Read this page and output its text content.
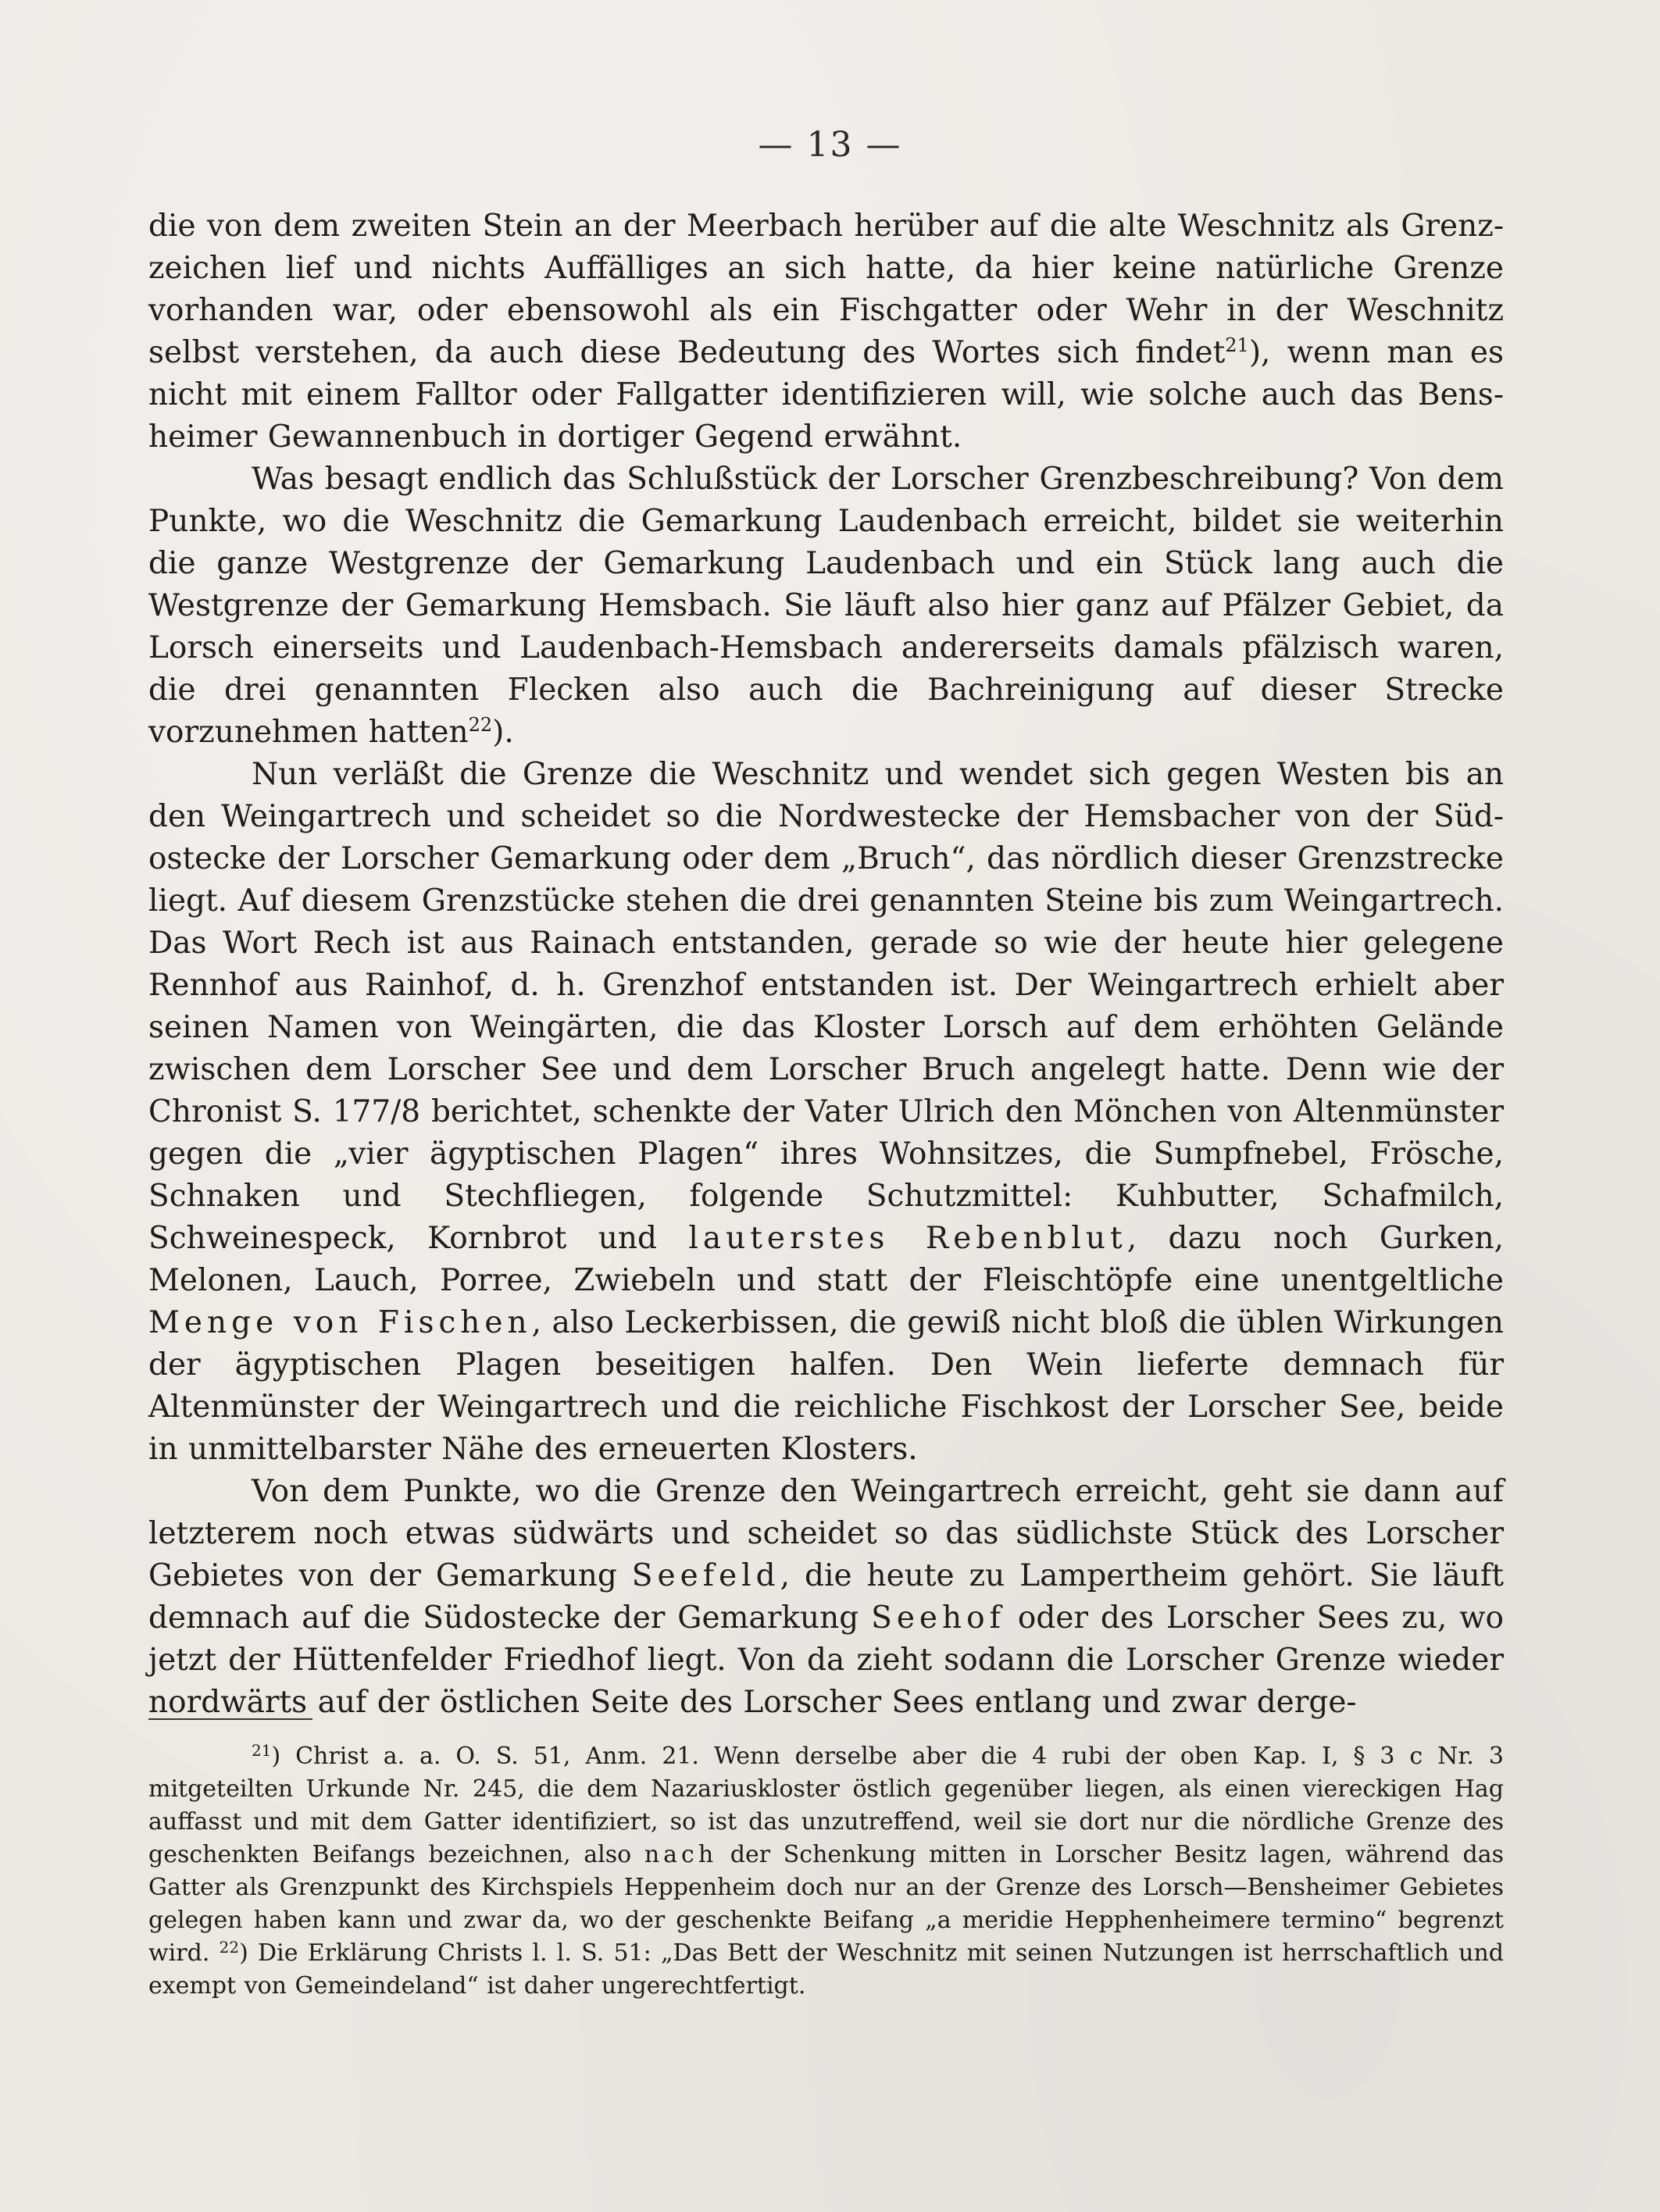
— 13 —

die von dem zweiten Stein an der Meerbach herüber auf die alte Weschnitz als Grenzzeichen lief und nichts Auffälliges an sich hatte, da hier keine natürliche Grenze vorhanden war, oder ebensowohl als ein Fischgatter oder Wehr in der Weschnitz selbst verstehen, da auch diese Bedeutung des Wortes sich findet$^{21}$), wenn man es nicht mit einem Falltor oder Fallgatter identifizieren will, wie solche auch das Bensheimer Gewannenbuch in dortiger Gegend erwähnt.

Was besagt endlich das Schlußstück der Lorscher Grenzbeschreibung? Von dem Punkte, wo die Weschnitz die Gemarkung Laudenbach erreicht, bildet sie weiterhin die ganze Westgrenze der Gemarkung Laudenbach und ein Stück lang auch die Westgrenze der Gemarkung Hemsbach. Sie läuft also hier ganz auf Pfälzer Gebiet, da Lorsch einerseits und Laudenbach-Hemsbach andererseits damals pfälzisch waren, die drei genannten Flecken also auch die Bachreinigung auf dieser Strecke vorzunehmen hatten$^{22}$).

Nun verläßt die Grenze die Weschnitz und wendet sich gegen Westen bis an den Weingartrech und scheidet so die Nordwestecke der Hemsbacher von der Südostecke der Lorscher Gemarkung oder dem „Bruch“, das nördlich dieser Grenzstrecke liegt. Auf diesem Grenzstücke stehen die drei genannten Steine bis zum Weingartrech. Das Wort Rech ist aus Rainach entstanden, gerade so wie der heute hier gelegene Rennhof aus Rainhof, d. h. Grenzhof entstanden ist. Der Weingartrech erhielt aber seinen Namen von Weingärten, die das Kloster Lorsch auf dem erhöhten Gelände zwischen dem Lorscher See und dem Lorscher Bruch angelegt hatte. Denn wie der Chronist S. 177/8 berichtet, schenkte der Vater Ulrich den Mönchen von Altenmünster gegen die „vier ägyptischen Plagen“ ihres Wohnsitzes, die Sumpfnebel, Frösche, Schnaken und Stechfliegen, folgende Schutzmittel: Kuhbutter, Schafmilch, Schweinespeck, Kornbrot und lauterstes Rebenblut, dazu noch Gurken, Melonen, Lauch, Porree, Zwiebeln und statt der Fleischtöpfe eine unentgeltliche Menge von Fischen, also Leckerbissen, die gewiß nicht bloß die üblen Wirkungen der ägyptischen Plagen beseitigen halfen. Den Wein lieferte demnach für Altenmünster der Weingartrech und die reichliche Fischkost der Lorscher See, beide in unmittelbarster Nähe des erneuerten Klosters.

Von dem Punkte, wo die Grenze den Weingartrech erreicht, geht sie dann auf letzterem noch etwas südwärts und scheidet so das südlichste Stück des Lorscher Gebietes von der Gemarkung Seefeld, die heute zu Lampertheim gehört. Sie läuft demnach auf die Südostecke der Gemarkung Seehof oder des Lorscher Sees zu, wo jetzt der Hüttenfelder Friedhof liegt. Von da zieht sodann die Lorscher Grenze wieder nordwärts auf der östlichen Seite des Lorscher Sees entlang und zwar derge-

$^{21}$) Christ a. a. O. S. 51, Anm. 21. Wenn derselbe aber die 4 rubi der oben Kap. I, § 3 c Nr. 3 mitgeteilten Urkunde Nr. 245, die dem Nazariuskloster östlich gegenüber liegen, als einen viereckigen Hag auffasst und mit dem Gatter identifiziert, so ist das unzutreffend, weil sie dort nur die nördliche Grenze des geschenkten Beifangs bezeichnen, also nach der Schenkung mitten in Lorscher Besitz lagen, während das Gatter als Grenzpunkt des Kirchspiels Heppenheim doch nur an der Grenze des Lorsch—Bensheimer Gebietes gelegen haben kann und zwar da, wo der geschenkte Beifang „a meridie Hepphenheimere termino“ begrenzt wird. $^{22}$) Die Erklärung Christs l. l. S. 51: „Das Bett der Weschnitz mit seinen Nutzungen ist herrschaftlich und exempt von Gemeindeland“ ist daher ungerechtfertigt.
